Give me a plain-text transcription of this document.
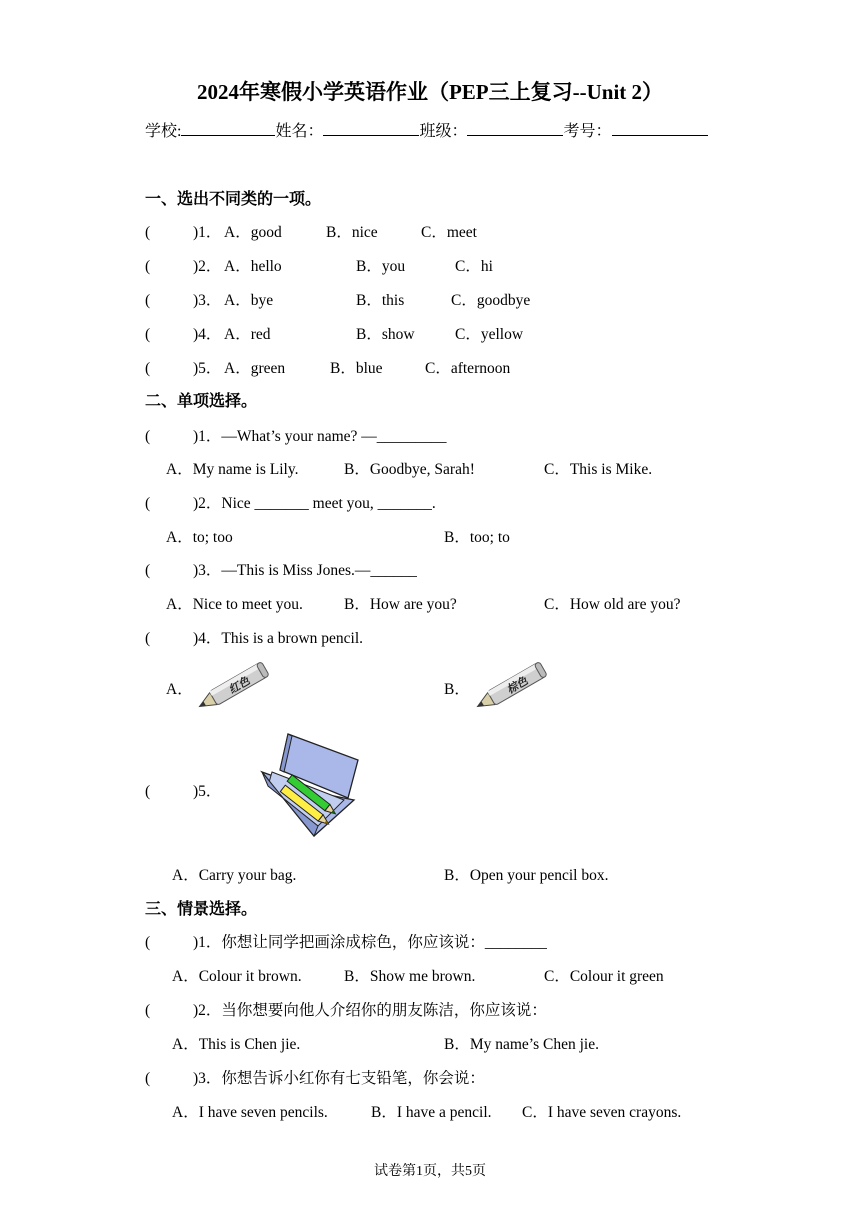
2024年寒假小学英语作业（PEP三上复习--Unit 2）
学校:	姓名：	班级：	考号：
一、选出不同类的一项。
(	)1． A．good	B．nice	C．meet
(	)2． A．hello	B．you	C．hi
(	)3． A．bye	B．this	C．goodbye
(	)4． A．red	B．show	C．yellow
(	)5． A．green	B．blue	C．afternoon
二、单项选择。
(	)1．—What’s your name? —_________
A．My name is Lily.	B．Goodbye, Sarah!	C．This is Mike.
(	)2．Nice _______ meet you, _______.
A．to; too	B．too; to
(	)3．—This is Miss Jones.—______
A．Nice to meet you.	B．How are you?	C．How old are you?
(	)4．This is a brown pencil.
A．	红色	B．	棕色
(	)5．
A．Carry your bag.	B．Open your pencil box.
三、情景选择。
(	)1．你想让同学把画涂成棕色，你应该说：________
A．Colour it brown.	B．Show me brown.	C．Colour it green
(	)2．当你想要向他人介绍你的朋友陈洁，你应该说：
A．This is Chen jie.	B．My name’s Chen jie.
(	)3．你想告诉小红你有七支铅笔，你会说：
A．I have seven pencils.	B．I have a pencil. C．I have seven crayons.
试卷第1页，共5页
